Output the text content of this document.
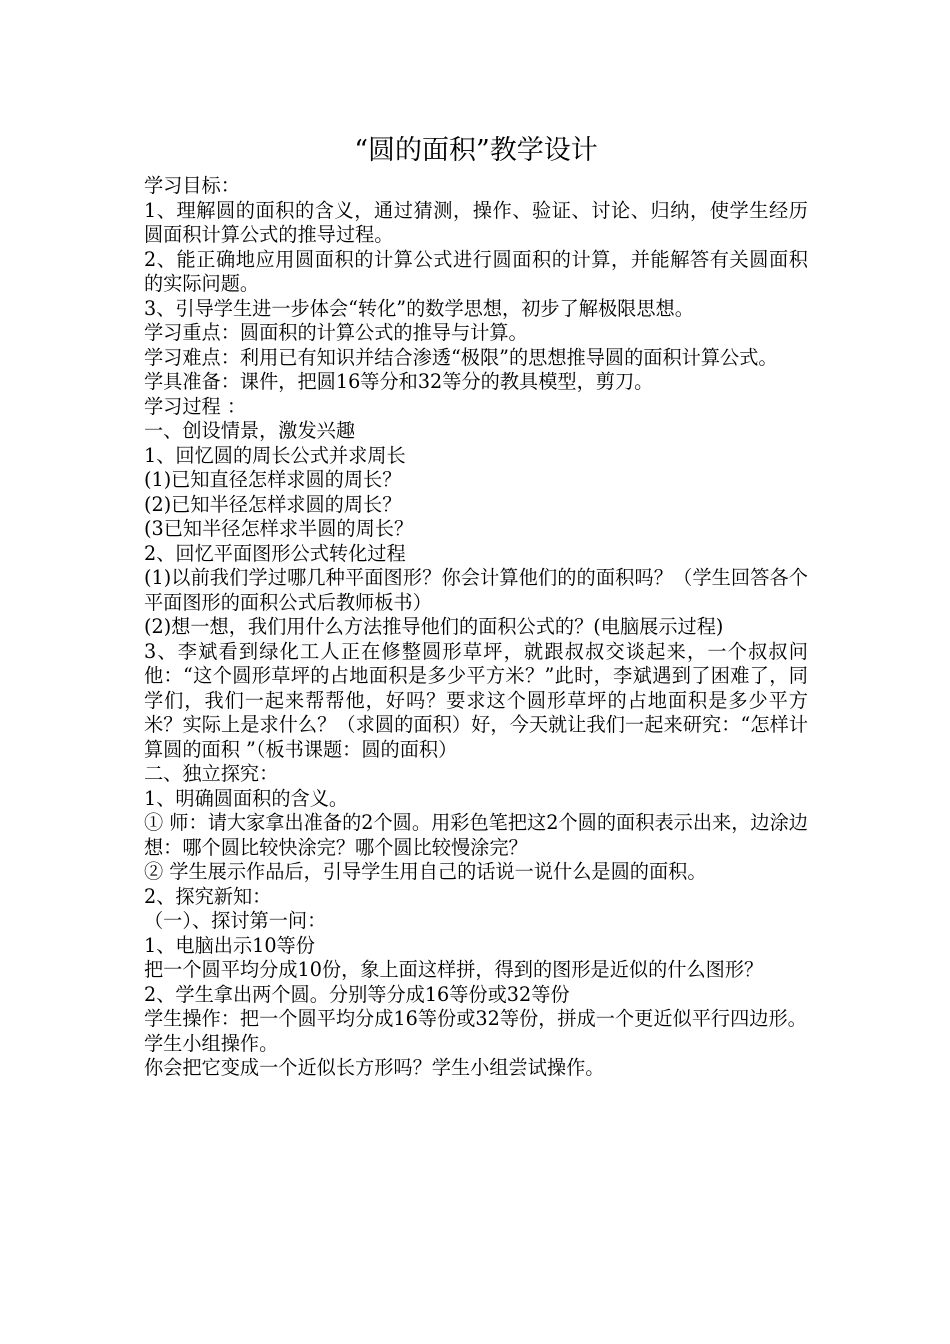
“圆的面积”教学设计

学习目标：

1、理解圆的面积的含义，通过猜测，操作、验证、讨论、归纳，使学生经历圆面积计算公式的推导过程。

2、能正确地应用圆面积的计算公式进行圆面积的计算，并能解答有关圆面积的实际问题。

3、引导学生进一步体会“转化”的数学思想，初步了解极限思想。

学习重点：圆面积的计算公式的推导与计算。

学习难点：利用已有知识并结合渗透“极限”的思想推导圆的面积计算公式。

学具准备：课件，把圆16等分和32等分的教具模型，剪刀。

学习过程 ：

一、创设情景，激发兴趣

1、回忆圆的周长公式并求周长

(1)已知直径怎样求圆的周长？

(2)已知半径怎样求圆的周长？

(3已知半径怎样求半圆的周长？

2、回忆平面图形公式转化过程

(1)以前我们学过哪几种平面图形？你会计算他们的的面积吗？（学生回答各个平面图形的面积公式后教师板书）

(2)想一想，我们用什么方法推导他们的面积公式的？(电脑展示过程)

3、李斌看到绿化工人正在修整圆形草坪，就跟叔叔交谈起来，一个叔叔问他：“这个圆形草坪的占地面积是多少平方米？”此时，李斌遇到了困难了，同学们，我们一起来帮帮他，好吗？要求这个圆形草坪的占地面积是多少平方米？实际上是求什么？（求圆的面积）好，今天就让我们一起来研究：“怎样计算圆的面积 ”（板书课题：圆的面积）

二、独立探究：

1、明确圆面积的含义。

① 师：请大家拿出准备的2个圆。用彩色笔把这2个圆的面积表示出来，边涂边想：哪个圆比较快涂完？哪个圆比较慢涂完？

② 学生展示作品后，引导学生用自己的话说一说什么是圆的面积。

2、探究新知：

（一）、探讨第一问：

1、电脑出示10等份

把一个圆平均分成10份，象上面这样拼，得到的图形是近似的什么图形？

2、学生拿出两个圆。分别等分成16等份或32等份

学生操作：把一个圆平均分成16等份或32等份，拼成一个更近似平行四边形。

学生小组操作。

你会把它变成一个近似长方形吗？学生小组尝试操作。
